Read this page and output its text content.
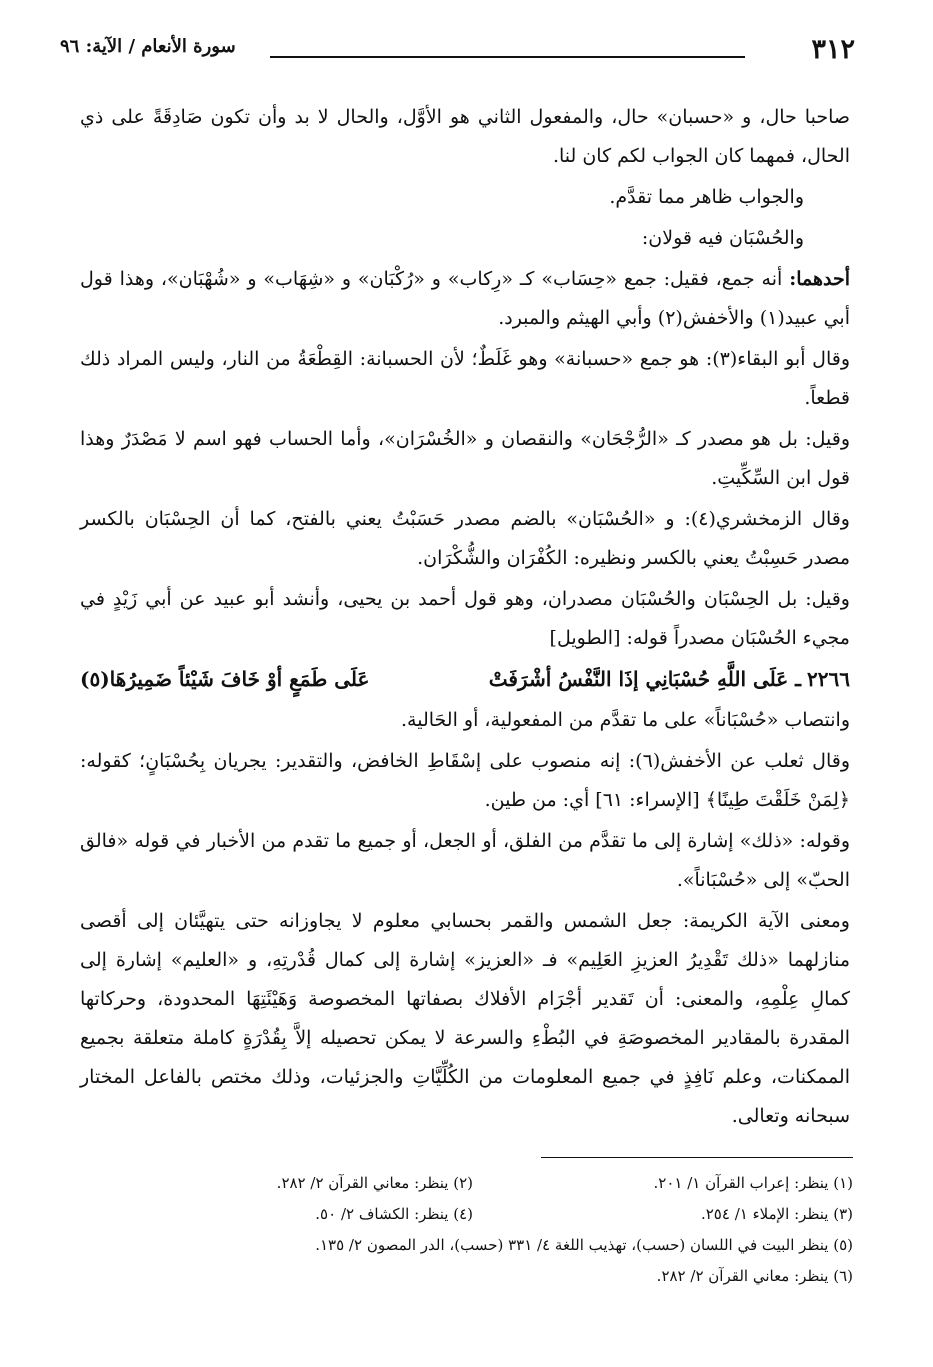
٣١٢
سورة الأنعام / الآية: ٩٦

صاحبا حال، و «حسبان» حال، والمفعول الثاني هو الأوَّل، والحال لا بد وأن تكون صَادِقَةً على ذي الحال، فمهما كان الجواب لكم كان لنا.

والجواب ظاهر مما تقدَّم.

والحُسْبَان فيه قولان:

أحدهما: أنه جمع، فقيل: جمع «حِسَاب» كـ «رِكاب» و «رُكْبَان» و «شِهَاب» و «شُهْبَان»، وهذا قول أبي عبيد(١) والأخفش(٢) وأبي الهيثم والمبرد.

وقال أبو البقاء(٣): هو جمع «حسبانة» وهو غَلَطٌ؛ لأن الحسبانة: القِطْعَةُ من النار، وليس المراد ذلك قطعاً.

وقيل: بل هو مصدر كـ «الرُّجْحَان» والنقصان و «الخُسْرَان»، وأما الحساب فهو اسم لا مَصْدَرٌ وهذا قول ابن السِّكِّيتِ.

وقال الزمخشري(٤): و «الحُسْبَان» بالضم مصدر حَسَبْتُ يعني بالفتح، كما أن الحِسْبَان بالكسر مصدر حَسِبْتُ يعني بالكسر ونظيره: الكُفْرَان والشُّكْرَان.

وقيل: بل الحِسْبَان والحُسْبَان مصدران، وهو قول أحمد بن يحيى، وأنشد أبو عبيد عن أبي زَيْدٍ في مجيء الحُسْبَان مصدراً قوله: [الطويل]

٢٢٦٦ـ عَلَى اللَّهِ حُسْبَانِي إذَا النَّفْسُ أشْرَفَتْ
عَلَى طَمَعٍ أوْ خَافَ شَيْئاً ضَمِيرُهَا(٥)

وانتصاب «حُسْبَاناً» على ما تقدَّم من المفعولية، أو الحَالية.

وقال ثعلب عن الأخفش(٦): إنه منصوب على إسْقَاطِ الخافض، والتقدير: يجريان بِحُسْبَانٍ؛ كقوله: ﴿لِمَنْ خَلَقْتَ طِينًا﴾ [الإسراء: ٦١] أي: من طين.

وقوله: «ذلك» إشارة إلى ما تقدَّم من الفلق، أو الجعل، أو جميع ما تقدم من الأخبار في قوله «فالق الحبّ» إلى «حُسْبَاناً».

ومعنى الآية الكريمة: جعل الشمس والقمر بحسابي معلوم لا يجاوزانه حتى يتهيَّئان إلى أقصى منازلهما «ذلك تَقْدِيرُ العزيزِ العَلِيم» فـ «العزيز» إشارة إلى كمال قُدْرتِهِ، و «العليم» إشارة إلى كمالِ عِلْمِهِ، والمعنى: أن تَقدير أجْرَام الأفلاك بصفاتها المخصوصة وَهَيْئَتِهَا المحدودة، وحركاتها المقدرة بالمقادير المخصوصَةِ في البُطْءِ والسرعة لا يمكن تحصيله إلاَّ بِقُدْرَةٍ كاملة متعلقة بجميع الممكنات، وعلم نَافِذٍ في جميع المعلومات من الكُلِّيَّاتِ والجزئيات، وذلك مختص بالفاعل المختار سبحانه وتعالى.

(١) ينظر: إعراب القرآن ١/ ٢٠١.
(٢) ينظر: معاني القرآن ٢/ ٢٨٢.
(٣) ينظر: الإملاء ١/ ٢٥٤.
(٤) ينظر: الكشاف ٢/ ٥٠.
(٥) ينظر البيت في اللسان (حسب)، تهذيب اللغة ٤/ ٣٣١ (حسب)، الدر المصون ٢/ ١٣٥.
(٦) ينظر: معاني القرآن ٢/ ٢٨٢.
